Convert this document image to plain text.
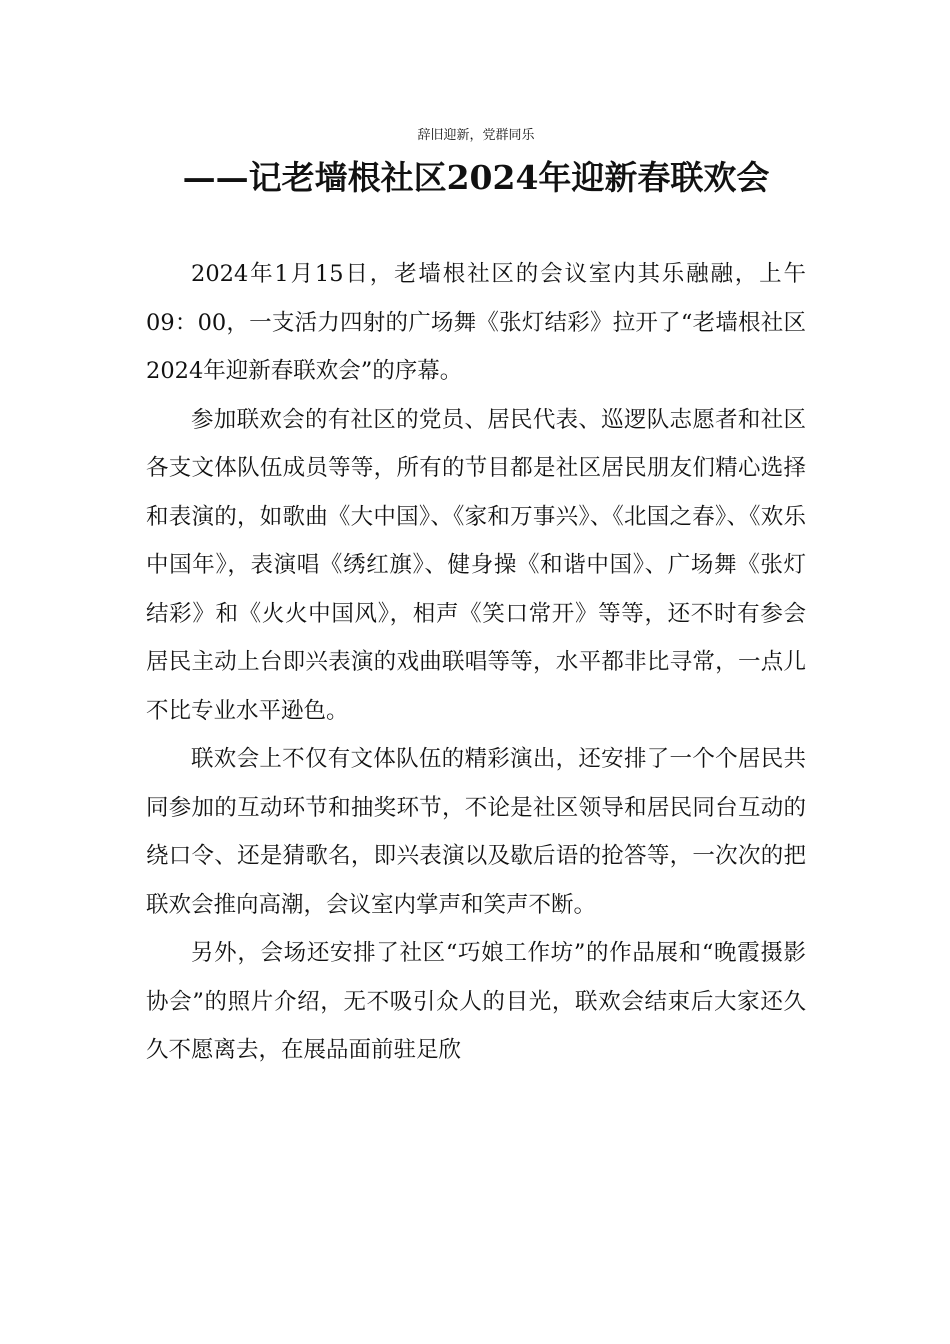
辞旧迎新，党群同乐
——记老墙根社区2024年迎新春联欢会

2024年1月15日，老墙根社区的会议室内其乐融融，上午09：00，一支活力四射的广场舞《张灯结彩》拉开了“老墙根社区2024年迎新春联欢会”的序幕。

参加联欢会的有社区的党员、居民代表、巡逻队志愿者和社区各支文体队伍成员等等，所有的节目都是社区居民朋友们精心选择和表演的，如歌曲《大中国》、《家和万事兴》、《北国之春》、《欢乐中国年》，表演唱《绣红旗》、健身操《和谐中国》、广场舞《张灯结彩》和《火火中国风》，相声《笑口常开》等等，还不时有参会居民主动上台即兴表演的戏曲联唱等等，水平都非比寻常，一点儿不比专业水平逊色。

联欢会上不仅有文体队伍的精彩演出，还安排了一个个居民共同参加的互动环节和抽奖环节，不论是社区领导和居民同台互动的绕口令、还是猜歌名，即兴表演以及歇后语的抢答等，一次次的把联欢会推向高潮，会议室内掌声和笑声不断。

另外，会场还安排了社区“巧娘工作坊”的作品展和“晚霞摄影协会”的照片介绍，无不吸引众人的目光，联欢会结束后大家还久久不愿离去，在展品面前驻足欣
